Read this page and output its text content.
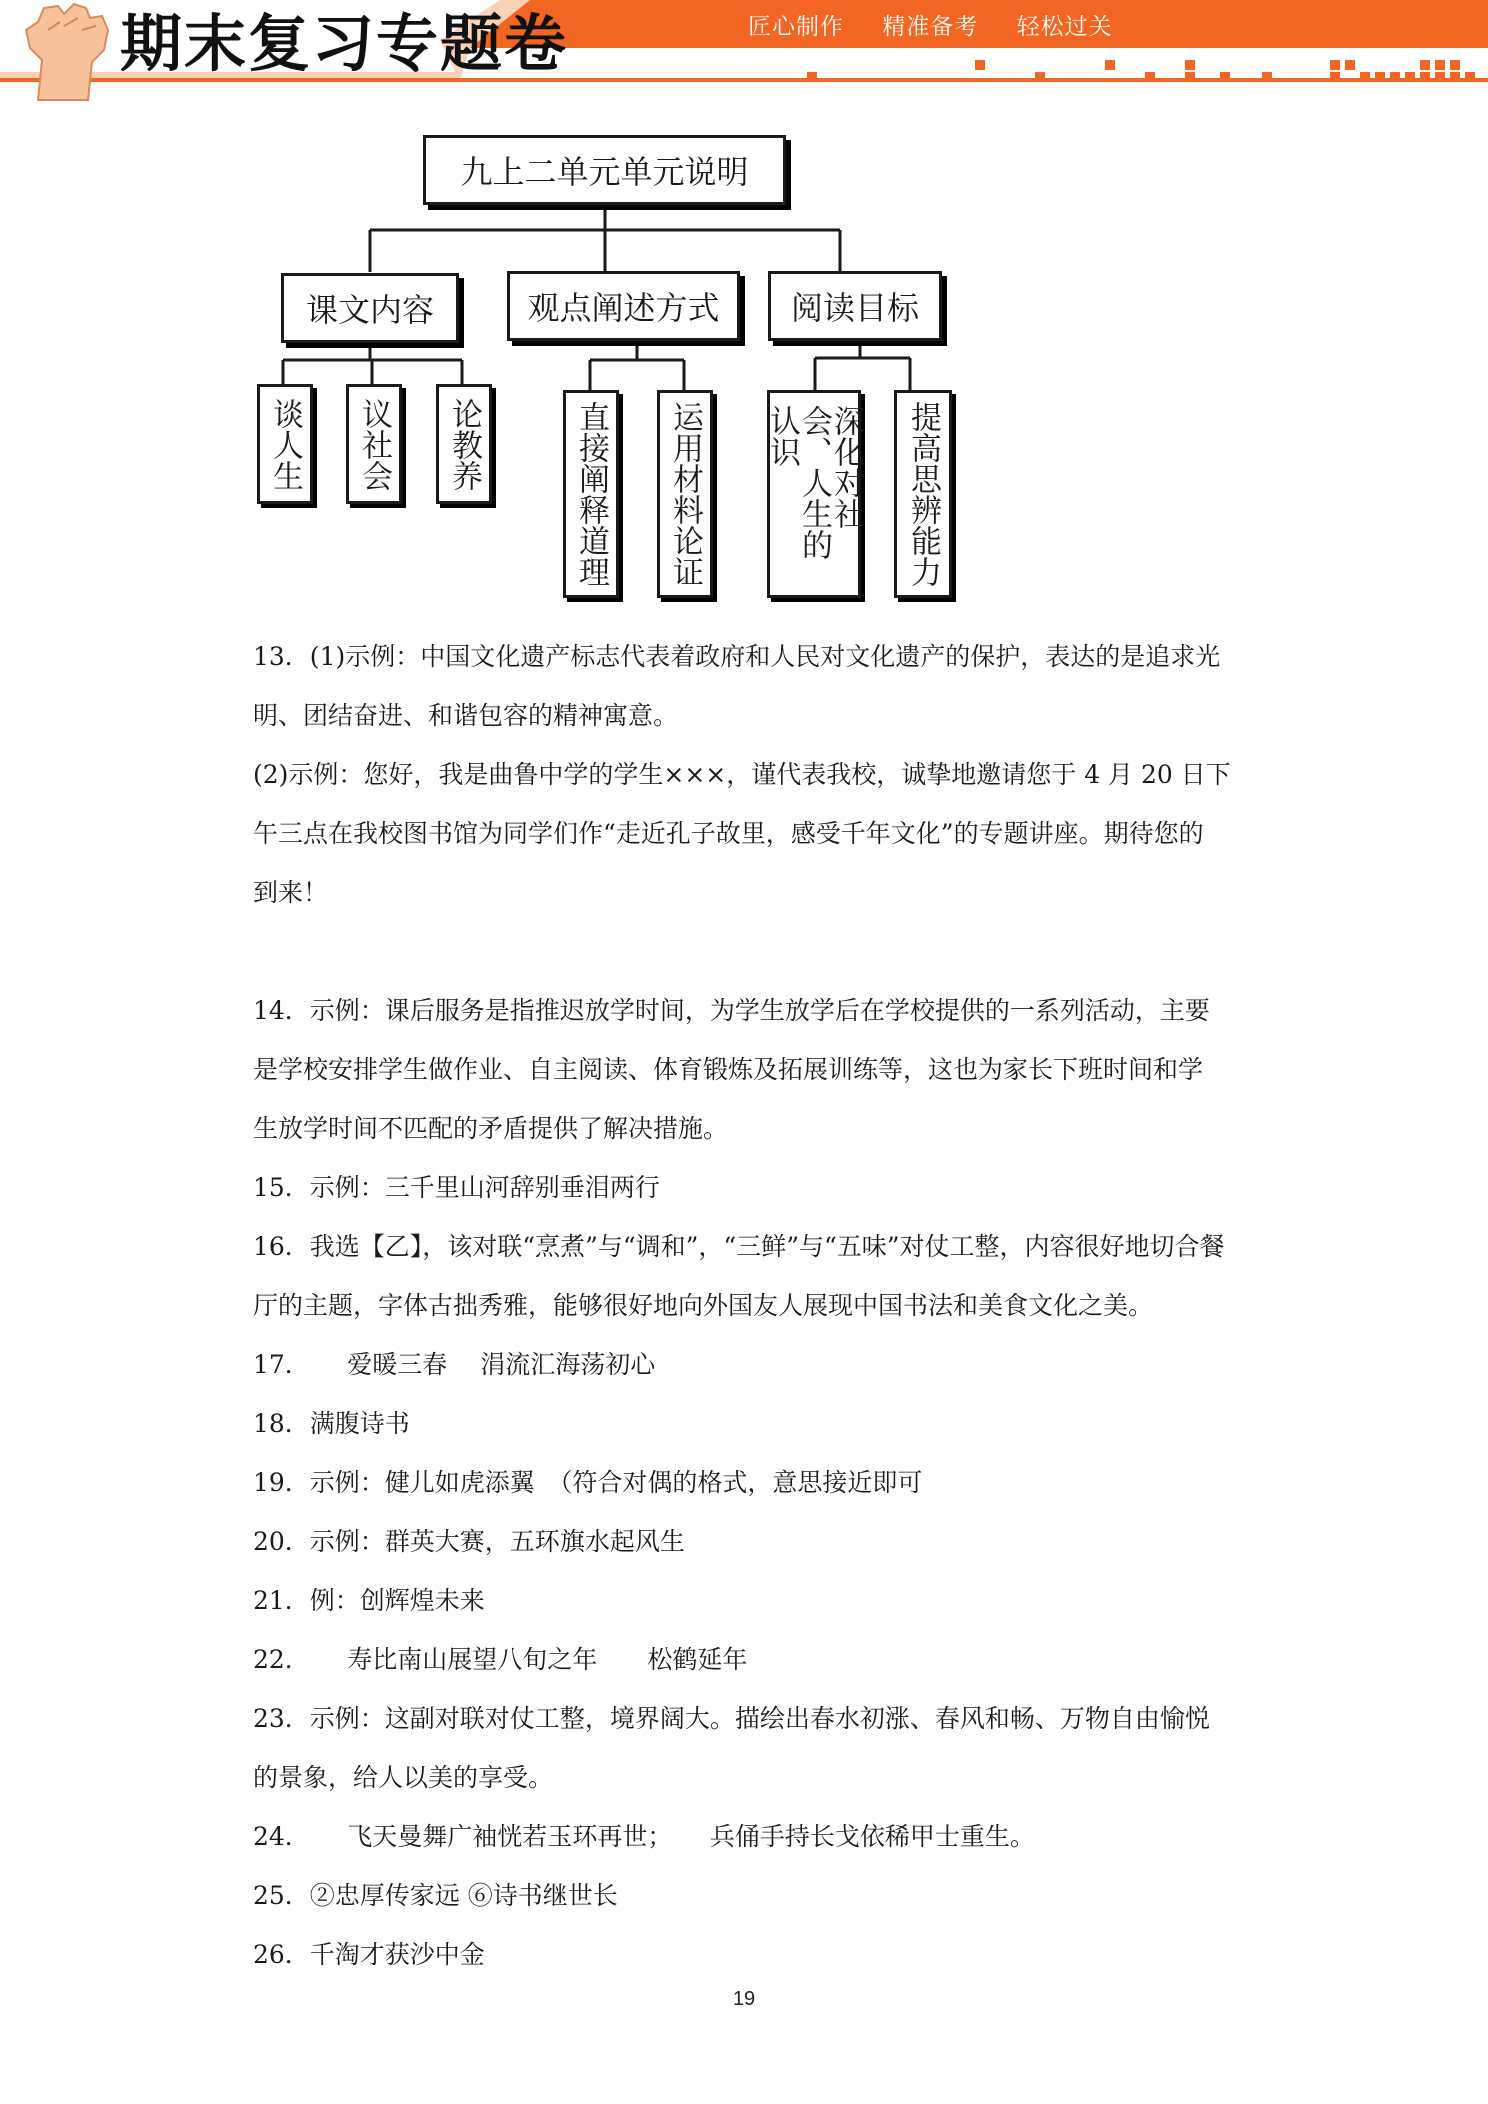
期末复习专题卷	匠心制作 精准备考 轻松过关
九上二单元单元说明
课文内容	观点阐述方式	阅读目标
谈人生	议社会	论教养	直接阐释道理	运用材料论证	深化对社会、人生的认识	提高思辨能力
13．(1)示例：中国文化遗产标志代表着政府和人民对文化遗产的保护，表达的是追求光
明、团结奋进、和谐包容的精神寓意。
(2)示例：您好，我是曲鲁中学的学生×××，谨代表我校，诚挚地邀请您于 4 月 20 日下
午三点在我校图书馆为同学们作“走近孔子故里，感受千年文化”的专题讲座。期待您的
到来！
14．示例：课后服务是指推迟放学时间，为学生放学后在学校提供的一系列活动，主要
是学校安排学生做作业、自主阅读、体育锻炼及拓展训练等，这也为家长下班时间和学
生放学时间不匹配的矛盾提供了解决措施。
15．示例：三千里山河辞别垂泪两行
16．我选【乙】，该对联“烹煮”与“调和”，“三鲜”与“五味”对仗工整，内容很好地切合餐
厅的主题，字体古拙秀雅，能够很好地向外国友人展现中国书法和美食文化之美。
17．　　爱暖三春　 涓流汇海荡初心
18．满腹诗书
19．示例：健儿如虎添翼　（符合对偶的格式，意思接近即可
20．示例：群英大赛，五环旗水起风生
21．例：创辉煌未来
22．　　寿比南山展望八旬之年　　松鹤延年
23．示例：这副对联对仗工整，境界阔大。描绘出春水初涨、春风和畅、万物自由愉悦
的景象，给人以美的享受。
24．　　飞天曼舞广袖恍若玉环再世；　　兵俑手持长戈依稀甲士重生。
25．②忠厚传家远 ⑥诗书继世长
26．千淘才获沙中金
19
